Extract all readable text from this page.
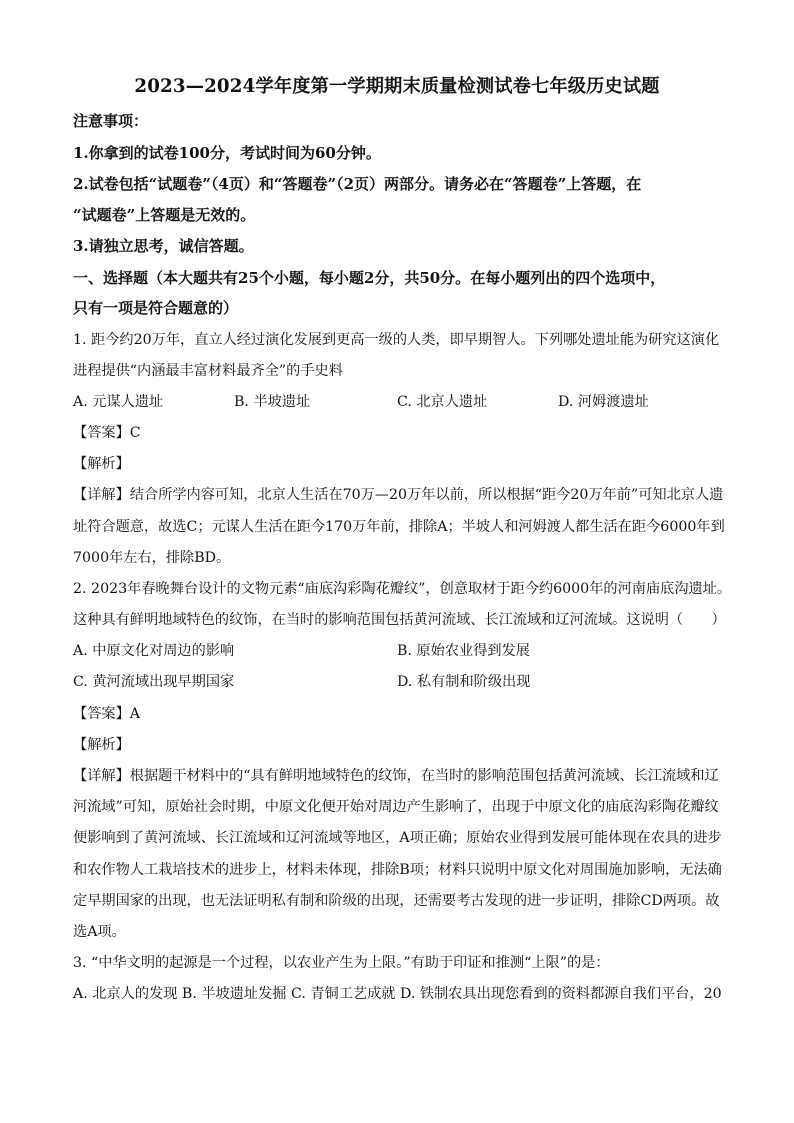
2023—2024学年度第一学期期末质量检测试卷七年级历史试题
注意事项：
1.你拿到的试卷100分，考试时间为60分钟。
2.试卷包括“试题卷”（4页）和“答题卷”（2页）两部分。请务必在“答题卷”上答题，在
“试题卷”上答题是无效的。
3.请独立思考，诚信答题。
一、选择题（本大题共有25个小题，每小题2分，共50分。在每小题列出的四个选项中，
只有一项是符合题意的）
1. 距今约20万年，直立人经过演化发展到更高一级的人类，即早期智人。下列哪处遗址能为研究这演化
进程提供“内涵最丰富材料最齐全”的手史料
A. 元谋人遗址	B. 半坡遗址	C. 北京人遗址	D. 河姆渡遗址
【答案】C
【解析】
【详解】结合所学内容可知，北京人生活在70万—20万年以前，所以根据“距今20万年前”可知北京人遗
址符合题意，故选C；元谋人生活在距今170万年前，排除A；半坡人和河姆渡人都生活在距今6000年到
7000年左右，排除BD。
2. 2023年春晚舞台设计的文物元素“庙底沟彩陶花瓣纹”，创意取材于距今约6000年的河南庙底沟遗址。
这种具有鲜明地域特色的纹饰，在当时的影响范围包括黄河流域、长江流域和辽河流域。这说明（　　）
A. 中原文化对周边的影响	B. 原始农业得到发展
C. 黄河流域出现早期国家	D. 私有制和阶级出现
【答案】A
【解析】
【详解】根据题干材料中的“具有鲜明地域特色的纹饰，在当时的影响范围包括黄河流域、长江流域和辽
河流域”可知，原始社会时期，中原文化便开始对周边产生影响了，出现于中原文化的庙底沟彩陶花瓣纹
便影响到了黄河流域、长江流域和辽河流域等地区，A项正确；原始农业得到发展可能体现在农具的进步
和农作物人工栽培技术的进步上，材料未体现，排除B项；材料只说明中原文化对周围施加影响，无法确
定早期国家的出现，也无法证明私有制和阶级的出现，还需要考古发现的进一步证明，排除CD两项。故
选A项。
3. “中华文明的起源是一个过程，以农业产生为上限。”有助于印证和推测“上限”的是：
A. 北京人的发现 B. 半坡遗址发掘 C. 青铜工艺成就 D. 铁制农具出现您看到的资料都源自我们平台，20
